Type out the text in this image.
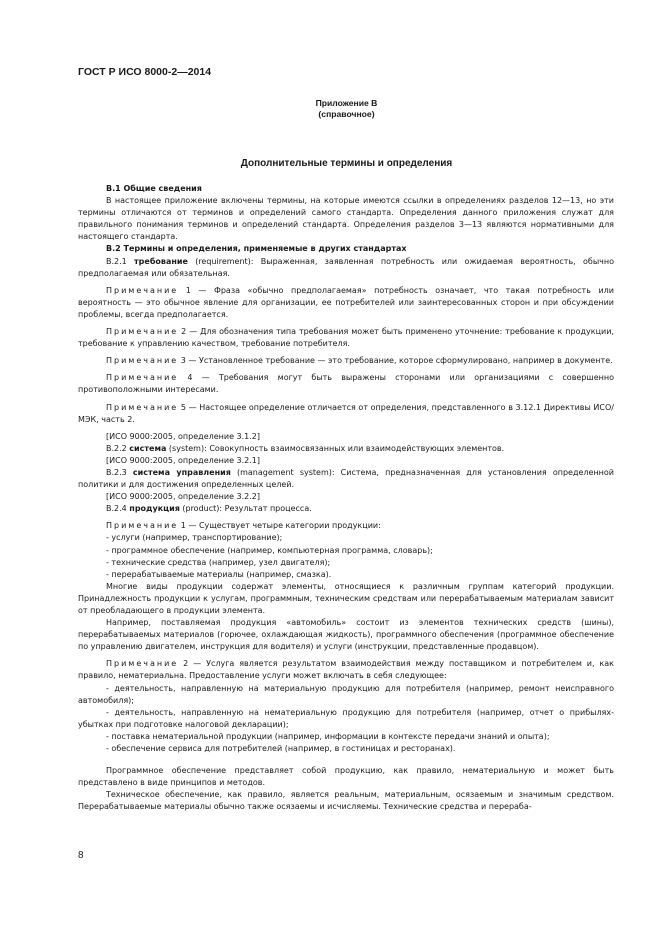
ГОСТ Р ИСО 8000-2—2014
Приложение В
(справочное)
Дополнительные термины и определения

В.1 Общие сведения

В настоящее приложение включены термины, на которые имеются ссылки в определениях разделов 12—13, но эти термины отличаются от терминов и определений самого стандарта. Определения данного приложения служат для правильного понимания терминов и определений стандарта. Определения разделов 3—13 являются нормативными для настоящего стандарта.

В.2 Термины и определения, применяемые в других стандартах

В.2.1 требование (requirement): Выраженная, заявленная потребность или ожидаемая вероятность, обычно предполагаемая или обязательная.

Примечание 1 — Фраза «обычно предполагаемая» потребность означает, что такая потребность или вероятность — это обычное явление для организации, ее потребителей или заинтересованных сторон и при обсуждении проблемы, всегда предполагается.

Примечание 2 — Для обозначения типа требования может быть применено уточнение: требование к продукции, требование к управлению качеством, требование потребителя.

Примечание 3 — Установленное требование — это требование, которое сформулировано, например в документе.

Примечание 4 — Требования могут быть выражены сторонами или организациями с совершенно противоположными интересами.

Примечание 5 — Настоящее определение отличается от определения, представленного в 3.12.1 Директивы ИСО/МЭК, часть 2.

[ИСО 9000:2005, определение 3.1.2]

В.2.2 система (system): Совокупность взаимосвязанных или взаимодействующих элементов.

[ИСО 9000:2005, определение 3.2.1]

В.2.3 система управления (management system): Система, предназначенная для установления определенной политики и для достижения определенных целей.

[ИСО 9000:2005, определение 3.2.2]

В.2.4 продукция (product): Результат процесса.

Примечание 1 — Существует четыре категории продукции:

- услуги (например, транспортирование);

- программное обеспечение (например, компьютерная программа, словарь);

- технические средства (например, узел двигателя);

- перерабатываемые материалы (например, смазка).

Многие виды продукции содержат элементы, относящиеся к различным группам категорий продукции. Принадлежность продукции к услугам, программным, техническим средствам или перерабатываемым материалам зависит от преобладающего в продукции элемента.

Например, поставляемая продукция «автомобиль» состоит из элементов технических средств (шины), перерабатываемых материалов (горючее, охлаждающая жидкость), программного обеспечения (программное обеспечение по управлению двигателем, инструкция для водителя) и услуги (инструкции, представленные продавцом).

Примечание 2 — Услуга является результатом взаимодействия между поставщиком и потребителем и, как правило, нематериальна. Предоставление услуги может включать в себя следующее:

- деятельность, направленную на материальную продукцию для потребителя (например, ремонт неисправного автомобиля);

- деятельность, направленную на нематериальную продукцию для потребителя (например, отчет о прибылях-убытках при подготовке налоговой декларации);

- поставка нематериальной продукции (например, информации в контексте передачи знаний и опыта);

- обеспечение сервиса для потребителей (например, в гостиницах и ресторанах).

Программное обеспечение представляет собой продукцию, как правило, нематериальную и может быть представлено в виде принципов и методов.

Техническое обеспечение, как правило, является реальным, материальным, осязаемым и значимым средством. Перерабатываемые материалы обычно также осязаемы и исчисляемы. Технические средства и перераба-

8
